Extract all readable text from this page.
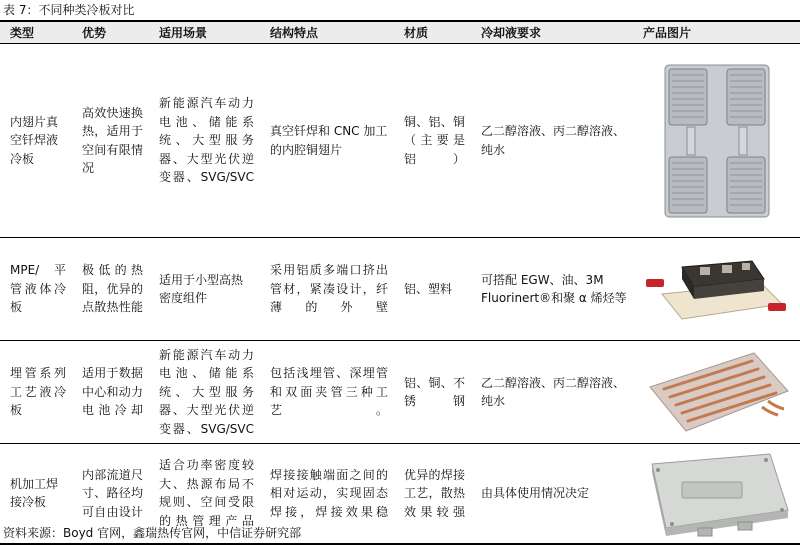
表 7：不同种类冷板对比
类型	优势	适用场景	结构特点	材质	冷却液要求	产品图片
内翅片真空钎焊液冷板	高效快速换热，适用于空间有限情况	新能源汽车动力电池、储能系统、大型服务器、大型光伏逆变器、SVG/SVC	真空钎焊和 CNC 加工的内腔铜翅片	铜、铝、铜（主要是铝）	乙二醇溶液、丙二醇溶液、纯水	

MPE/ 平管液体冷板	极低的热阻，优异的点散热性能	适用于小型高热密度组件	采用铝质多端口挤出管材，紧凑设计，纤薄的外壁	铝、塑料	可搭配 EGW、油、3M Fluorinert®和聚 α 烯烃等	

埋管系列工艺液冷板	适用于数据中心和动力电池冷却	新能源汽车动力电池、储能系统、大型服务器、大型光伏逆变器、SVG/SVC	包括浅埋管、深埋管和双面夹管三种工艺。	铝、铜、不锈钢	乙二醇溶液、丙二醇溶液、纯水	

机加工焊接冷板	内部流道尺寸、路径均可自由设计	适合功率密度较大、热源布局不规则、空间受限的热管理产品	焊接接触端面之间的相对运动，实现固态焊接，焊接效果稳	优异的焊接工艺，散热效果较强	由具体使用情况决定	
资料来源：Boyd 官网，鑫瑞热传官网，中信证券研究部
